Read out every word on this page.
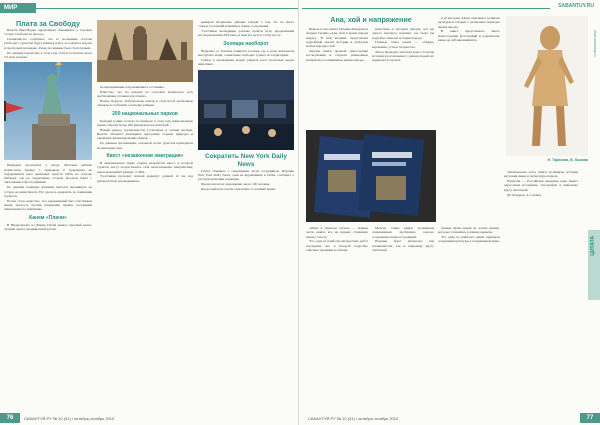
МИР
Плата за Свободу

Власти Нью-Йорка предложили обменивать у горожан статую Свободы на проезд...

Специалисты сообщают, что за посещение острова Свободы с туристов будут взимать плату за подъём к короне и смотровой площадке. Ранее посещение было бесплатным.

По данным ведомства, в этом году статую посетили около 3,5 млн человек.

Инцидент произошёл у входа. Местные жители разместили баннер с призывом к гражданам не поддерживать ввоз денежных средств США на острове Либерти, где на территорию острова бросили пакет с листовками и фотографиями.

По данным полиции, мужчина пытался проникнуть на остров, не имея билета. Его удалось задержать до появления туристов.

Позже стало известно, что задержанный был участником акции протеста против изменения правил посещения национального памятника.

Канем «Плачи»

В Нидерландах на Ферма Плачи вышел пресный канал, лучшие черты традиционной кухни.

на передвижение и проживание в гостинице.

Известно, что на каждом из островов архипелага есть необходимые условия для отдыха.

Новые Хорусы: Добровольцы нашли в этом месте необычные объекты и сообщили о находке учёным.

200 национальных парков

Каждый в мире тоскует по природе: в этом году национальные парки собрали более 200 миллионов посетителей.

Новый рекорд посещаемости установлен в летние месяцы. Власти обещают расширить программу охраны природы и увеличить финансирование парков.

По данным организации, основной поток туристов приходится на выходные дни.

Квест «незаконная эмиграция»

В мексиканском парке отдыха разработан квест, в котором туристы могут почувствовать себя нелегальными эмигрантами, пересекающими границу с США.

Участники проходят ночной маршрут длиной 12 км под руководством «проводников».

вымерли аборигены. Данные говорят о том, что на месте старых поселений появились новые сооружения.

Участники экспедиции должны пройти путь, проделанный исследователями XIX века, и описать путь к этому месту.

Зоопарк наоборот

Недалеко от Таллина появился зоопарк, где в роли экспонатов выступают люди, а животные свободно гуляют по территории.

Сейчас в заповеднике можно увидеть всего несколько видов животных.

Сократить New York Daily News

Газета объявила о сокращении части сотрудников. Издание New York Daily News, одна из крупнейших в США, сообщает о реструктуризации редакции.

Предполагается сокращение около 100 человек.

Представители газеты отказались от комментариев.

76	САБАНТУЙ.РУ № 10 (31) / октябрь–ноябрь 2010
SABANTUY.RU
www.sabantuy.ru
Ана, хой и напряжение

Вышла в свет книга Татьяны Кондрова и Андрея Сычёва «Ана, Хой и драма народа шарег». В ней впервые представлен подробный анализ истории и культуры малых народностей.

Авторы книги провели многолетние исследования и собрали уникальные материалы, посвящённые жизни народа.

известные в истории авторы; нет ни одного научного издания, где была бы подробно описана история народа.

Главные темы книги — обряды, верования, устное творчество.

Автор проводит читателя через столетия истории и рассказывает о жизни людей, их надеждах и страхах.

и её история. Автор описывает развитие культуры и говорит о различных периодах жизни народа.

В книге представлено много иллюстраций, фотографий и документов, ранее не публиковавшихся.

«Опыт в тяжёлом случае» — первые части книги, все на первых страницах нашего текста.

Это одна из наиболее интересных работ последних лет, в которой подробно описаны традиции и обычаи.

Многие главы книги посвящены современным проблемам народа, сохранению языка и традиций.

Издание будет интересно как специалистам, так и широкому кругу читателей.

равные права людей на основе правил, которые сложились в давние времена.

Это один из наиболее ярких примеров сохранения культуры в современном мире.

Н. Тарасова, В. Лыкова

Значительная часть книги посвящена истории изучения языка и литературы народа.

Издатели — Российская академия наук. Книга адресована историкам, этнографам и широкому кругу читателей.

(Н. Кондров, А. Сычёв)

ЦИТАТА
САБАНТУЙ.РУ № 10 (31) / октябрь–ноябрь 2010	77
